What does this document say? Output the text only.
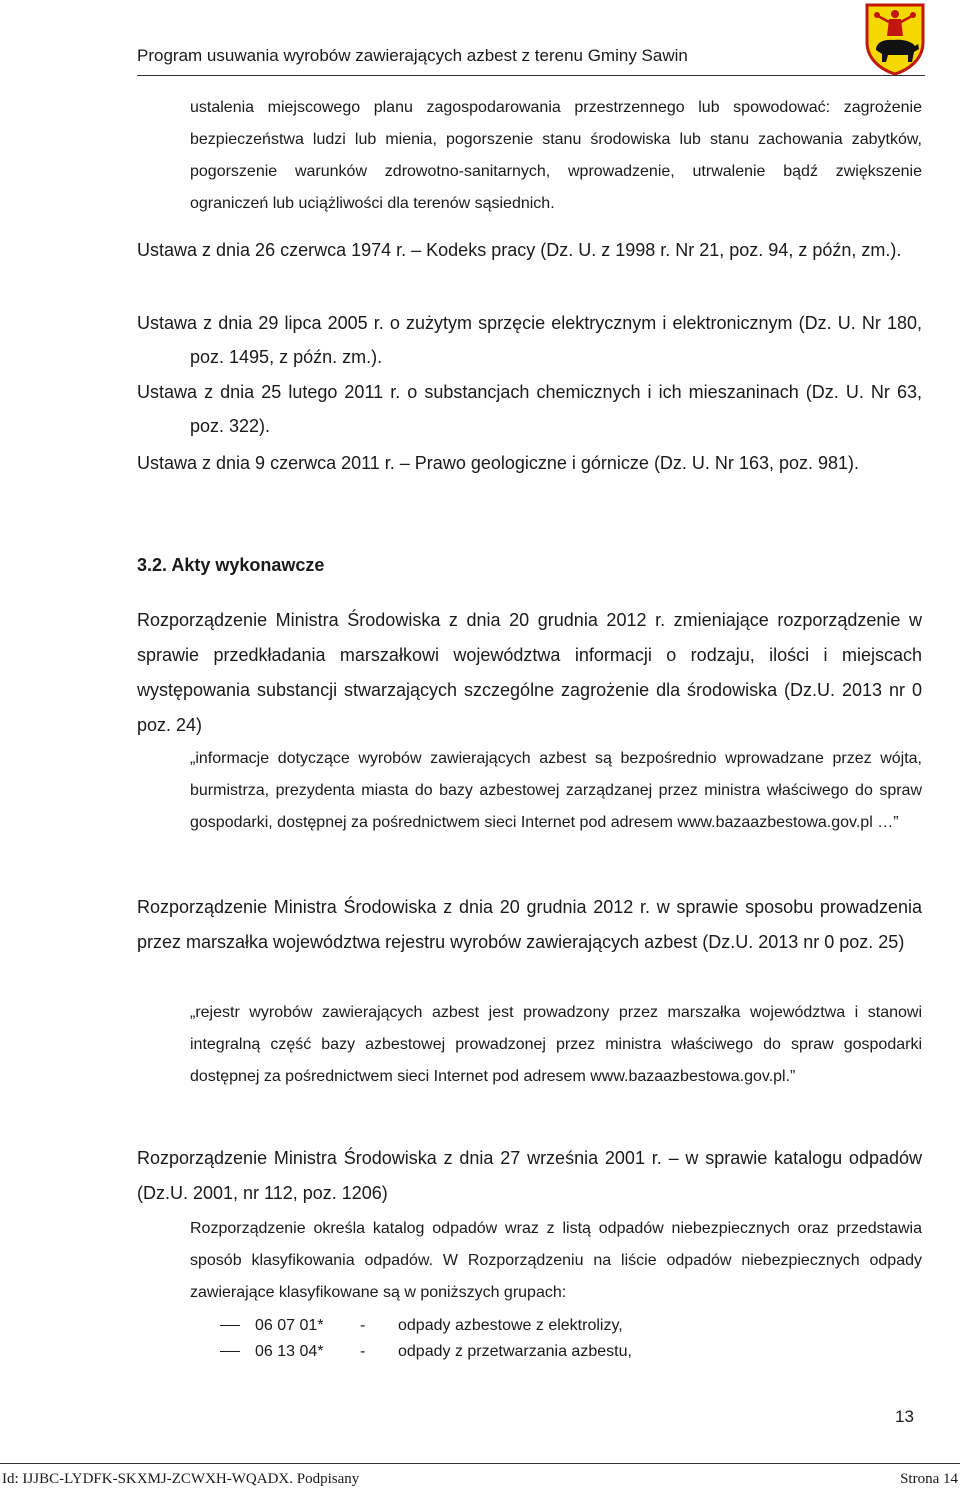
Program usuwania wyrobów zawierających azbest z terenu Gminy Sawin

ustalenia miejscowego planu zagospodarowania przestrzennego lub spowodować: zagrożenie bezpieczeństwa ludzi lub mienia, pogorszenie stanu środowiska lub stanu zachowania zabytków, pogorszenie warunków zdrowotno-sanitarnych, wprowadzenie, utrwalenie bądź zwiększenie ograniczeń lub uciążliwości dla terenów sąsiednich.

Ustawa z dnia 26 czerwca 1974 r. – Kodeks pracy (Dz. U. z 1998 r. Nr 21, poz. 94, z późn, zm.).

Ustawa z dnia 29 lipca 2005 r. o zużytym sprzęcie elektrycznym i elektronicznym (Dz. U. Nr 180, poz. 1495, z późn. zm.).

Ustawa z dnia 25 lutego 2011 r. o substancjach chemicznych i ich mieszaninach (Dz. U. Nr 63, poz. 322).

Ustawa z dnia 9 czerwca 2011 r. – Prawo geologiczne i górnicze (Dz. U. Nr 163, poz. 981).

3.2. Akty wykonawcze

Rozporządzenie Ministra Środowiska z dnia 20 grudnia 2012 r. zmieniające rozporządzenie w sprawie przedkładania marszałkowi województwa informacji o rodzaju, ilości i miejscach występowania substancji stwarzających szczególne zagrożenie dla środowiska (Dz.U. 2013 nr 0 poz. 24)

„informacje dotyczące wyrobów zawierających azbest są bezpośrednio wprowadzane przez wójta, burmistrza, prezydenta miasta do bazy azbestowej zarządzanej przez ministra właściwego do spraw gospodarki, dostępnej za pośrednictwem sieci Internet pod adresem www.bazaazbestowa.gov.pl …”

Rozporządzenie Ministra Środowiska z dnia 20 grudnia 2012 r. w sprawie sposobu prowadzenia przez marszałka województwa rejestru wyrobów zawierających azbest (Dz.U. 2013 nr 0 poz. 25)

„rejestr wyrobów zawierających azbest jest prowadzony przez marszałka województwa i stanowi integralną część bazy azbestowej prowadzonej przez ministra właściwego do spraw gospodarki dostępnej za pośrednictwem sieci Internet pod adresem www.bazaazbestowa.gov.pl.”

Rozporządzenie Ministra Środowiska z dnia 27 września 2001 r. – w sprawie katalogu odpadów (Dz.U. 2001, nr 112, poz. 1206)

Rozporządzenie określa katalog odpadów wraz z listą odpadów niebezpiecznych oraz przedstawia sposób klasyfikowania odpadów. W Rozporządzeniu na liście odpadów niebezpiecznych odpady zawierające klasyfikowane są w poniższych grupach:

06 07 01* - odpady azbestowe z elektrolizy,
06 13 04* - odpady z przetwarzania azbestu,
13
Id: IJJBC-LYDFK-SKXMJ-ZCWXH-WQADX. Podpisany	Strona 14
